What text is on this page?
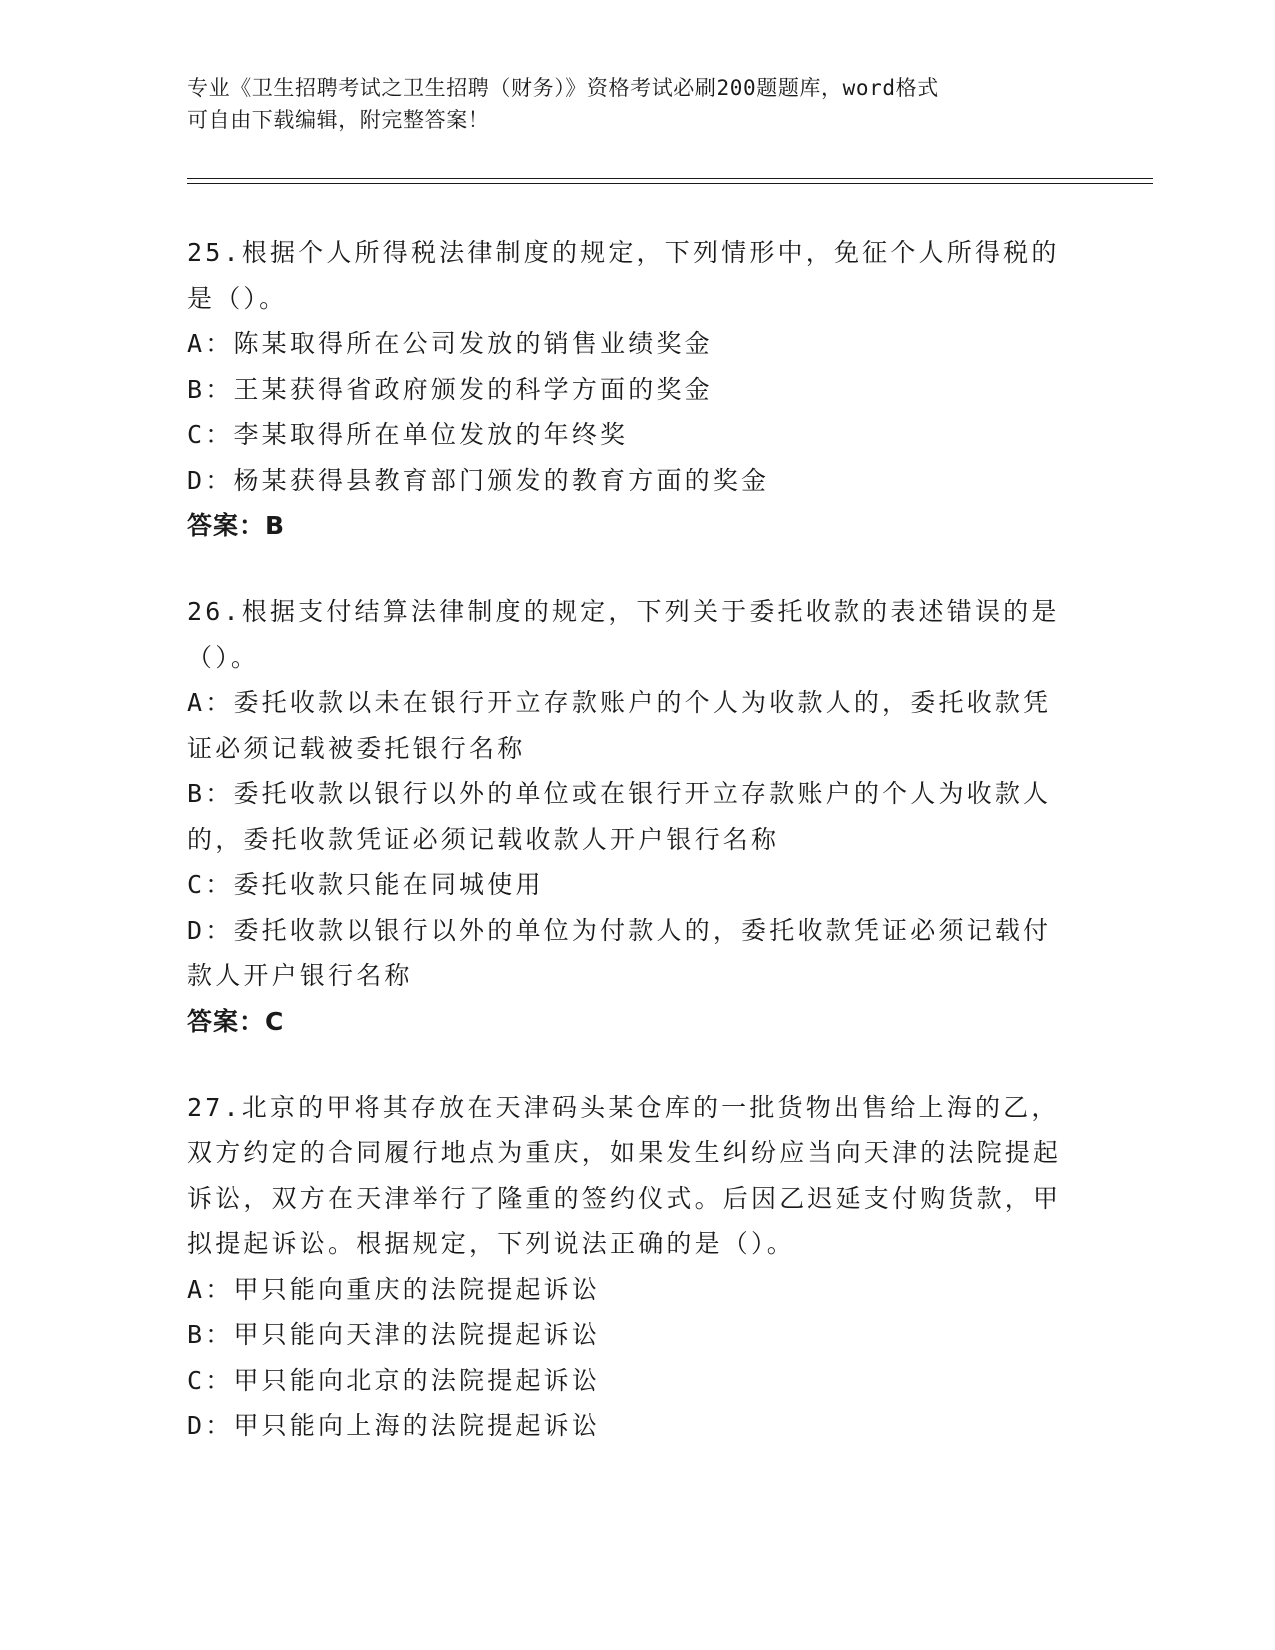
专业《卫生招聘考试之卫生招聘（财务）》资格考试必刷200题题库，word格式
可自由下载编辑，附完整答案！

25.根据个人所得税法律制度的规定，下列情形中，免征个人所得税的是（）。

A：陈某取得所在公司发放的销售业绩奖金

B：王某获得省政府颁发的科学方面的奖金

C：李某取得所在单位发放的年终奖

D：杨某获得县教育部门颁发的教育方面的奖金

答案：B

26.根据支付结算法律制度的规定，下列关于委托收款的表述错误的是（）。

A：委托收款以未在银行开立存款账户的个人为收款人的，委托收款凭证必须记载被委托银行名称

B：委托收款以银行以外的单位或在银行开立存款账户的个人为收款人的，委托收款凭证必须记载收款人开户银行名称

C：委托收款只能在同城使用

D：委托收款以银行以外的单位为付款人的，委托收款凭证必须记载付款人开户银行名称

答案：C

27.北京的甲将其存放在天津码头某仓库的一批货物出售给上海的乙，双方约定的合同履行地点为重庆，如果发生纠纷应当向天津的法院提起诉讼，双方在天津举行了隆重的签约仪式。后因乙迟延支付购货款，甲拟提起诉讼。根据规定，下列说法正确的是（）。

A：甲只能向重庆的法院提起诉讼

B：甲只能向天津的法院提起诉讼

C：甲只能向北京的法院提起诉讼

D：甲只能向上海的法院提起诉讼
